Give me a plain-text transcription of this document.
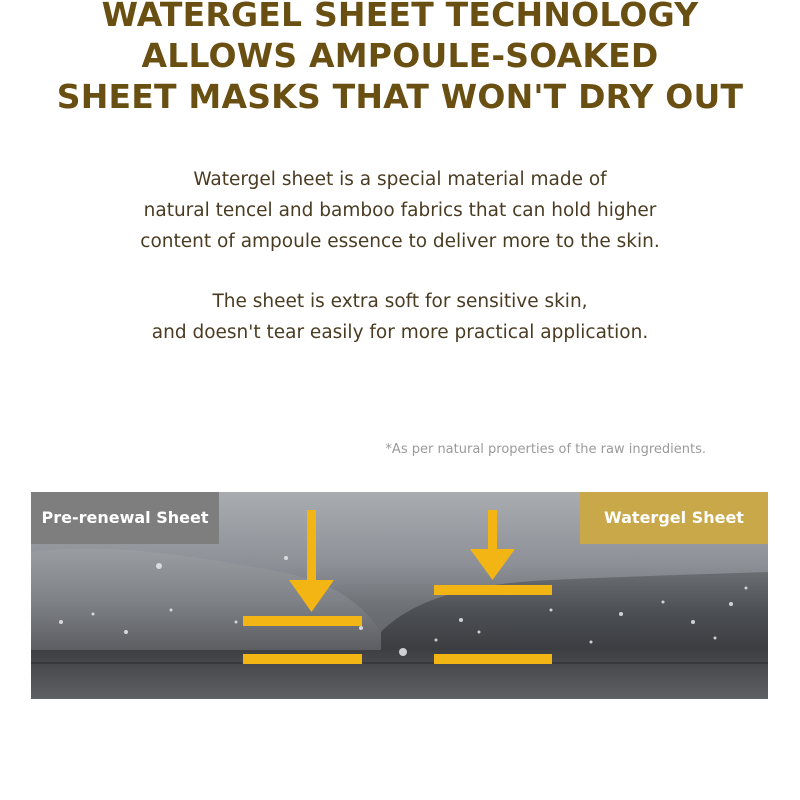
WATERGEL SHEET TECHNOLOGY
ALLOWS AMPOULE-SOAKED
SHEET MASKS THAT WON'T DRY OUT

Watergel sheet is a special material made of
natural tencel and bamboo fabrics that can hold higher
content of ampoule essence to deliver more to the skin.

The sheet is extra soft for sensitive skin,
and doesn't tear easily for more practical application.

*As per natural properties of the raw ingredients.

Pre-renewal Sheet	Watergel Sheet
